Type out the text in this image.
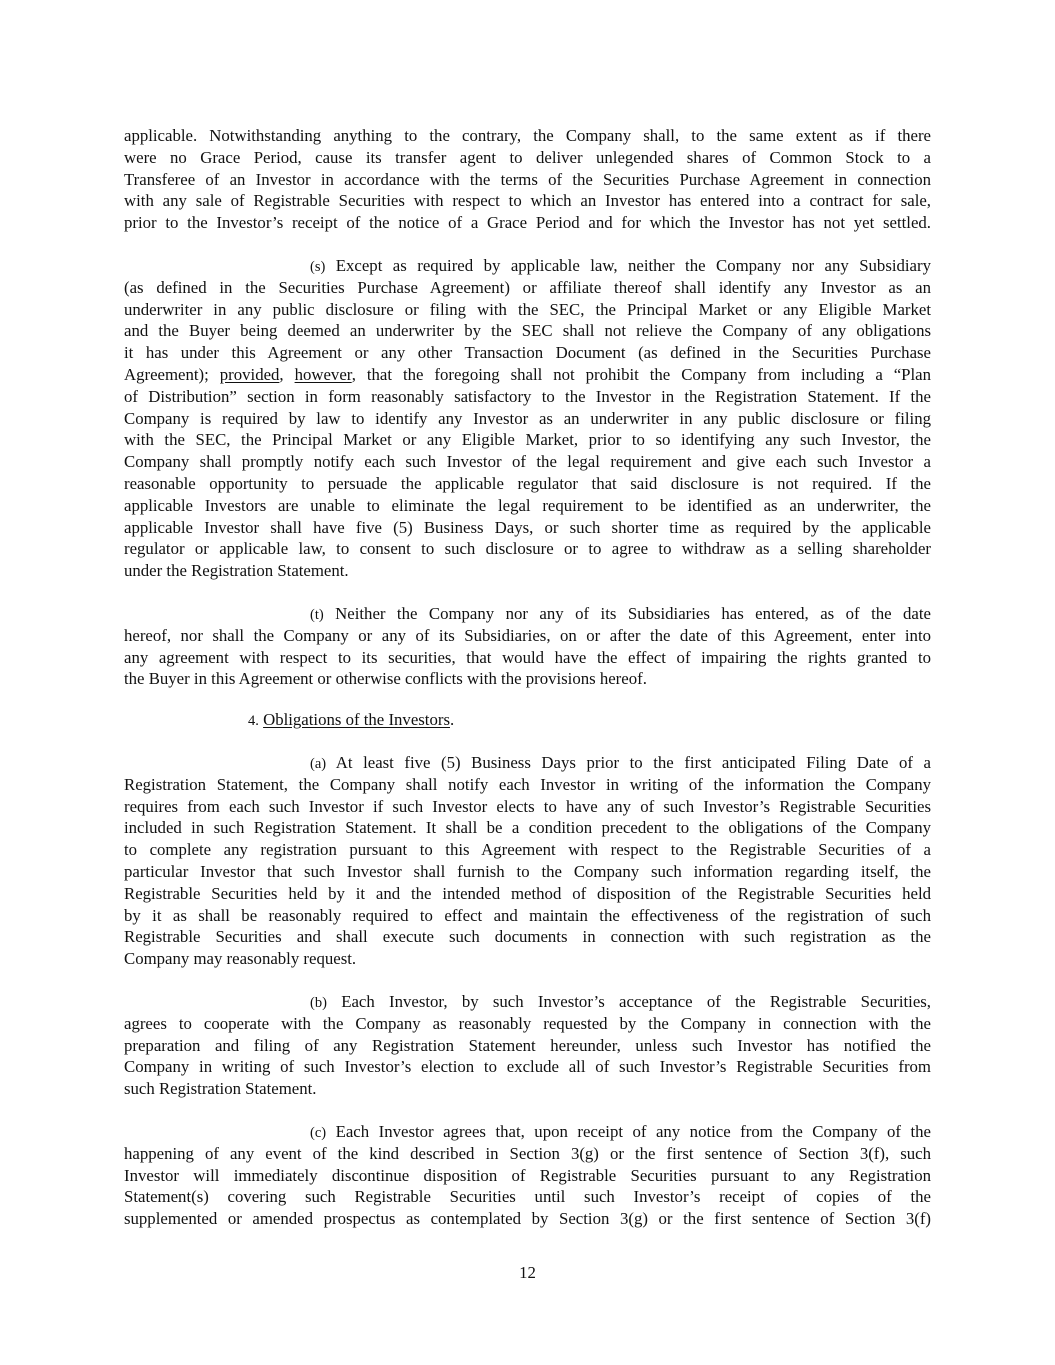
applicable. Notwithstanding anything to the contrary, the Company shall, to the same extent as if there
were no Grace Period, cause its transfer agent to deliver unlegended shares of Common Stock to a
Transferee of an Investor in accordance with the terms of the Securities Purchase Agreement in connection
with any sale of Registrable Securities with respect to which an Investor has entered into a contract for sale,
prior to the Investor’s receipt of the notice of a Grace Period and for which the Investor has not yet settled.
(s) Except as required by applicable law, neither the Company nor any Subsidiary
(as defined in the Securities Purchase Agreement) or affiliate thereof shall identify any Investor as an
underwriter in any public disclosure or filing with the SEC, the Principal Market or any Eligible Market
and the Buyer being deemed an underwriter by the SEC shall not relieve the Company of any obligations
it has under this Agreement or any other Transaction Document (as defined in the Securities Purchase
Agreement); provided, however, that the foregoing shall not prohibit the Company from including a “Plan
of Distribution” section in form reasonably satisfactory to the Investor in the Registration Statement. If the
Company is required by law to identify any Investor as an underwriter in any public disclosure or filing
with the SEC, the Principal Market or any Eligible Market, prior to so identifying any such Investor, the
Company shall promptly notify each such Investor of the legal requirement and give each such Investor a
reasonable opportunity to persuade the applicable regulator that said disclosure is not required. If the
applicable Investors are unable to eliminate the legal requirement to be identified as an underwriter, the
applicable Investor shall have five (5) Business Days, or such shorter time as required by the applicable
regulator or applicable law, to consent to such disclosure or to agree to withdraw as a selling shareholder
under the Registration Statement.
(t) Neither the Company nor any of its Subsidiaries has entered, as of the date
hereof, nor shall the Company or any of its Subsidiaries, on or after the date of this Agreement, enter into
any agreement with respect to its securities, that would have the effect of impairing the rights granted to
the Buyer in this Agreement or otherwise conflicts with the provisions hereof.
4. Obligations of the Investors.
(a) At least five (5) Business Days prior to the first anticipated Filing Date of a
Registration Statement, the Company shall notify each Investor in writing of the information the Company
requires from each such Investor if such Investor elects to have any of such Investor’s Registrable Securities
included in such Registration Statement. It shall be a condition precedent to the obligations of the Company
to complete any registration pursuant to this Agreement with respect to the Registrable Securities of a
particular Investor that such Investor shall furnish to the Company such information regarding itself, the
Registrable Securities held by it and the intended method of disposition of the Registrable Securities held
by it as shall be reasonably required to effect and maintain the effectiveness of the registration of such
Registrable Securities and shall execute such documents in connection with such registration as the
Company may reasonably request.
(b) Each Investor, by such Investor’s acceptance of the Registrable Securities,
agrees to cooperate with the Company as reasonably requested by the Company in connection with the
preparation and filing of any Registration Statement hereunder, unless such Investor has notified the
Company in writing of such Investor’s election to exclude all of such Investor’s Registrable Securities from
such Registration Statement.
(c) Each Investor agrees that, upon receipt of any notice from the Company of the
happening of any event of the kind described in Section 3(g) or the first sentence of Section 3(f), such
Investor will immediately discontinue disposition of Registrable Securities pursuant to any Registration
Statement(s) covering such Registrable Securities until such Investor’s receipt of copies of the
supplemented or amended prospectus as contemplated by Section 3(g) or the first sentence of Section 3(f)
12
